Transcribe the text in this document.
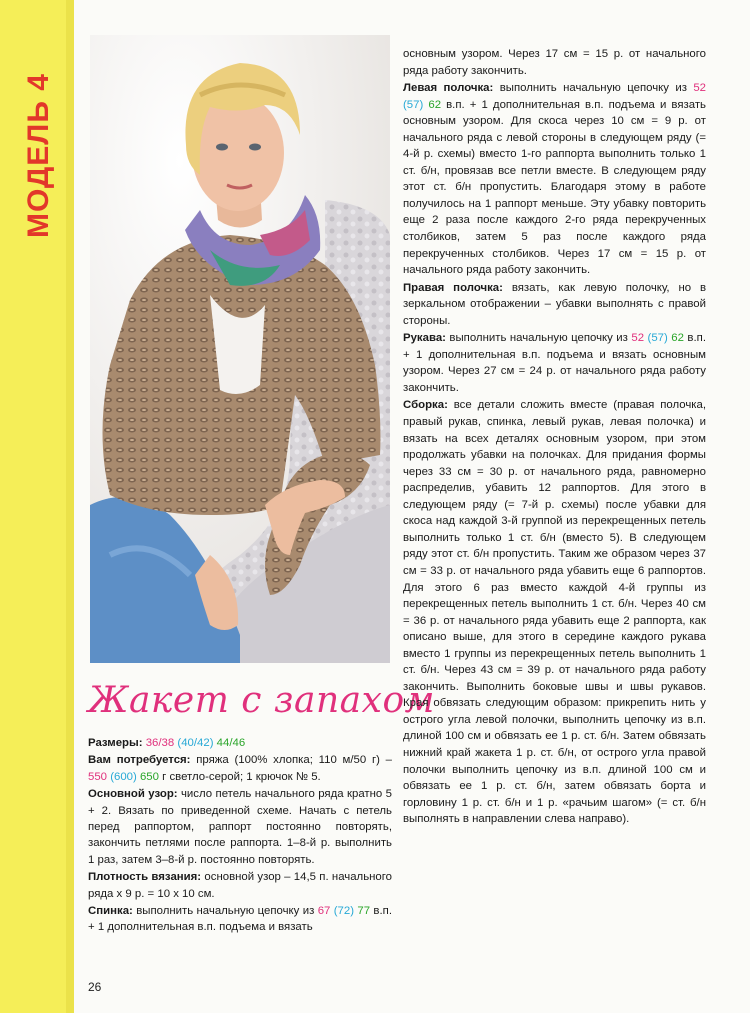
МОДЕЛЬ 4
Жакет с запахом

Размеры: 36/38 (40/42) 44/46

Вам потребуется: пряжа (100% хлопка; 110 м/50 г) – 550 (600) 650 г светло-серой; 1 крючок № 5.

Основной узор: число петель начального ряда кратно 5 + 2. Вязать по приведенной схеме. Начать с петель перед раппортом, раппорт постоянно повторять, закончить петлями после раппорта. 1–8-й р. выполнить 1 раз, затем 3–8-й р. постоянно повторять.

Плотность вязания: основной узор – 14,5 п. начального ряда х 9 р. = 10 х 10 см.

Спинка: выполнить начальную цепочку из 67 (72) 77 в.п. + 1 дополнительная в.п. подъема и вязать

основным узором. Через 17 см = 15 р. от начального ряда работу закончить.

Левая полочка: выполнить начальную цепочку из 52 (57) 62 в.п. + 1 дополнительная в.п. подъема и вязать основным узором. Для скоса через 10 см = 9 р. от начального ряда с левой стороны в следующем ряду (= 4-й р. схемы) вместо 1-го раппорта выполнить только 1 ст. б/н, провязав все петли вместе. В следующем ряду этот ст. б/н пропустить. Благодаря этому в работе получилось на 1 раппорт меньше. Эту убавку повторить еще 2 раза после каждого 2-го ряда перекрученных столбиков, затем 5 раз после каждого ряда перекрученных столбиков. Через 17 см = 15 р. от начального ряда работу закончить.

Правая полочка: вязать, как левую полочку, но в зеркальном отображении – убавки выполнять с правой стороны.

Рукава: выполнить начальную цепочку из 52 (57) 62 в.п. + 1 дополнительная в.п. подъема и вязать основным узором. Через 27 см = 24 р. от начального ряда работу закончить.

Сборка: все детали сложить вместе (правая полочка, правый рукав, спинка, левый рукав, левая полочка) и вязать на всех деталях основным узором, при этом продолжать убавки на полочках. Для придания формы через 33 см = 30 р. от начального ряда, равномерно распределив, убавить 12 раппортов. Для этого в следующем ряду (= 7-й р. схемы) после убавки для скоса над каждой 3-й группой из перекрещенных петель выполнить только 1 ст. б/н (вместо 5). В следующем ряду этот ст. б/н пропустить. Таким же образом через 37 см = 33 р. от начального ряда убавить еще 6 раппортов. Для этого 6 раз вместо каждой 4-й группы из перекрещенных петель выполнить 1 ст. б/н. Через 40 см = 36 р. от начального ряда убавить еще 2 раппорта, как описано выше, для этого в середине каждого рукава вместо 1 группы из перекрещенных петель выполнить 1 ст. б/н. Через 43 см = 39 р. от начального ряда работу закончить. Выполнить боковые швы и швы рукавов. Края обвязать следующим образом: прикрепить нить у острого угла левой полочки, выполнить цепочку из в.п. длиной 100 см и обвязать ее 1 р. ст. б/н. Затем обвязать нижний край жакета 1 р. ст. б/н, от острого угла правой полочки выполнить цепочку из в.п. длиной 100 см и обвязать ее 1 р. ст. б/н, затем обвязать борта и горловину 1 р. ст. б/н и 1 р. «рачьим шагом» (= ст. б/н выполнять в направлении слева направо).

26
